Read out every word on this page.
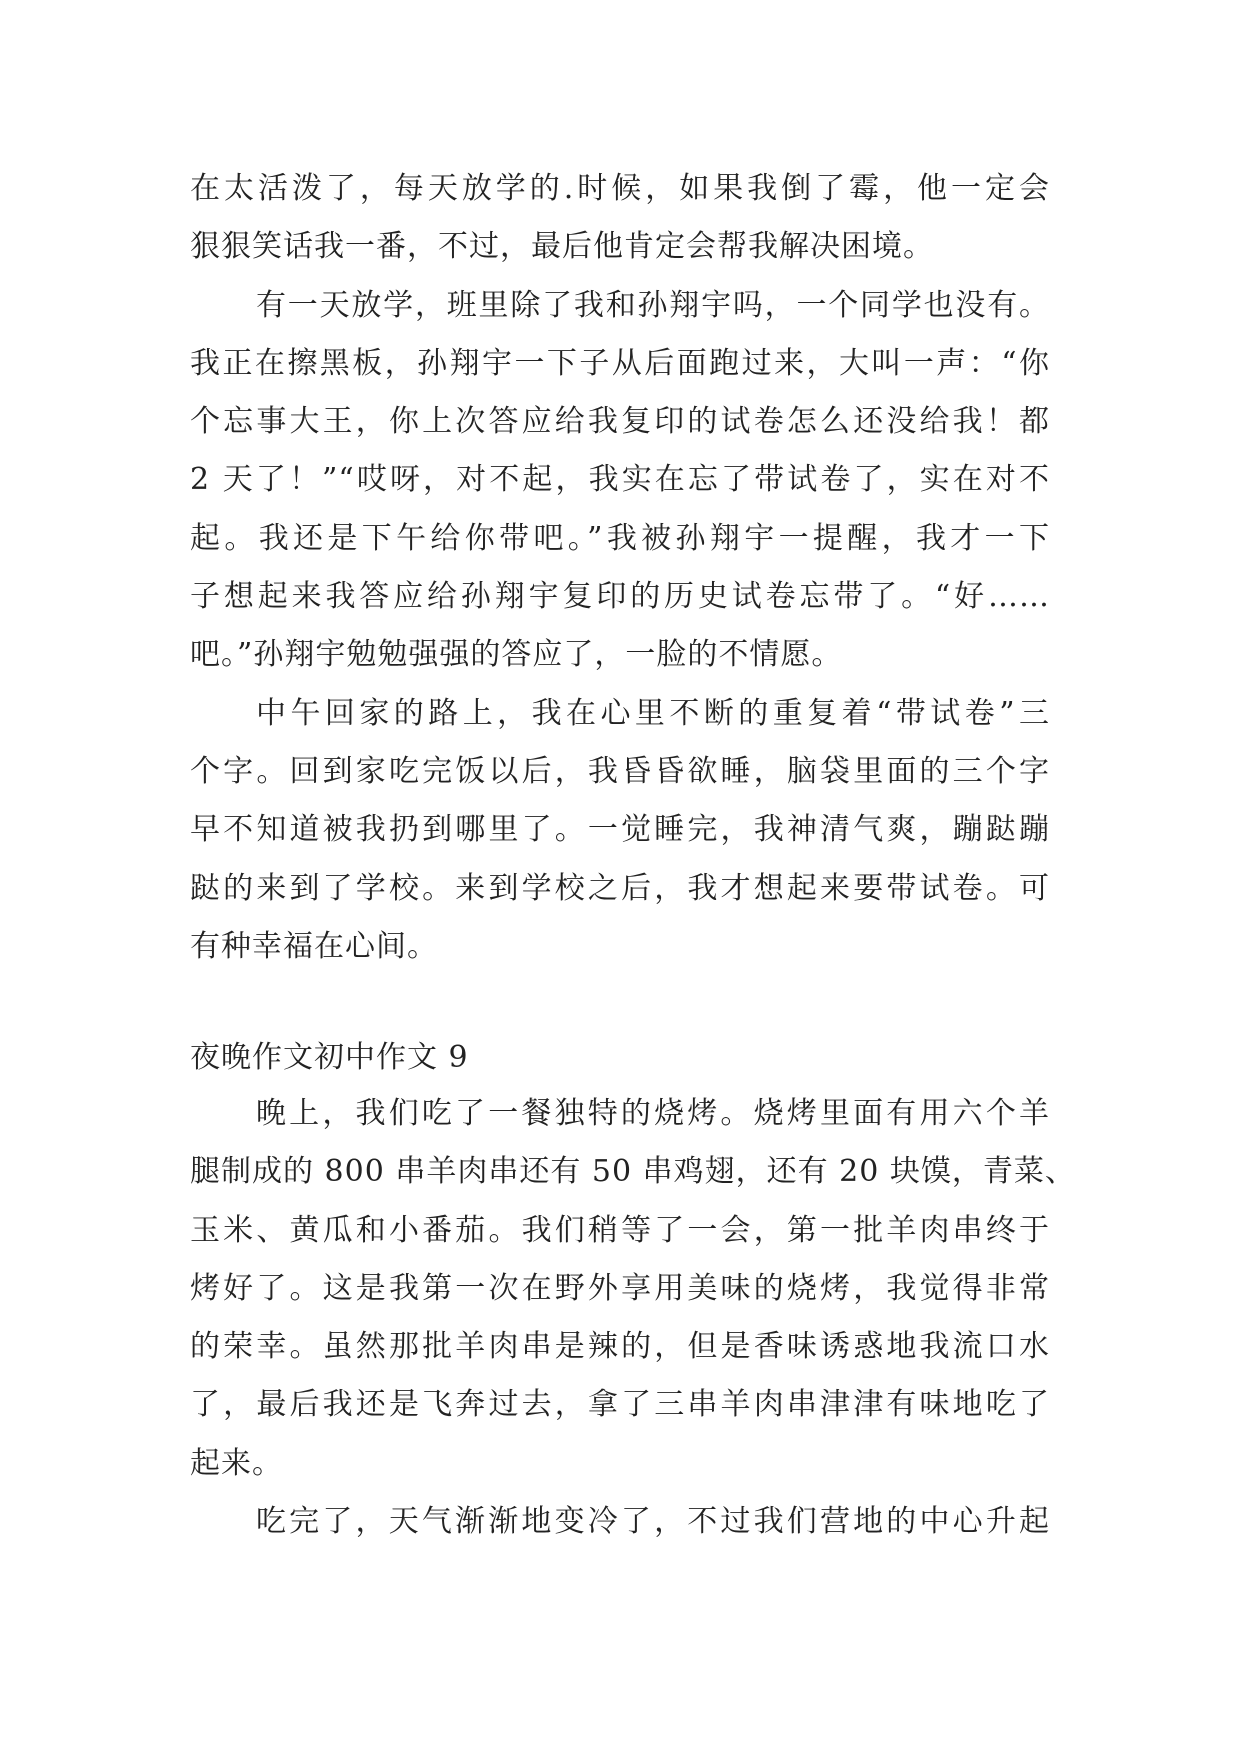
在太活泼了，每天放学的.时候，如果我倒了霉，他一定会
狠狠笑话我一番，不过，最后他肯定会帮我解决困境。
有一天放学，班里除了我和孙翔宇吗，一个同学也没有。
我正在擦黑板，孙翔宇一下子从后面跑过来，大叫一声：“你
个忘事大王，你上次答应给我复印的试卷怎么还没给我！都
2 天了！”“哎呀，对不起，我实在忘了带试卷了，实在对不
起。我还是下午给你带吧。”我被孙翔宇一提醒，我才一下
子想起来我答应给孙翔宇复印的历史试卷忘带了。“好……
吧。”孙翔宇勉勉强强的答应了，一脸的不情愿。
中午回家的路上，我在心里不断的重复着“带试卷”三
个字。回到家吃完饭以后，我昏昏欲睡，脑袋里面的三个字
早不知道被我扔到哪里了。一觉睡完，我神清气爽，蹦跶蹦
跶的来到了学校。来到学校之后，我才想起来要带试卷。可
有种幸福在心间。
夜晚作文初中作文 9
晚上，我们吃了一餐独特的烧烤。烧烤里面有用六个羊
腿制成的 800 串羊肉串还有 50 串鸡翅，还有 20 块馍，青菜、
玉米、黄瓜和小番茄。我们稍等了一会，第一批羊肉串终于
烤好了。这是我第一次在野外享用美味的烧烤，我觉得非常
的荣幸。虽然那批羊肉串是辣的，但是香味诱惑地我流口水
了，最后我还是飞奔过去，拿了三串羊肉串津津有味地吃了
起来。
吃完了，天气渐渐地变冷了，不过我们营地的中心升起
